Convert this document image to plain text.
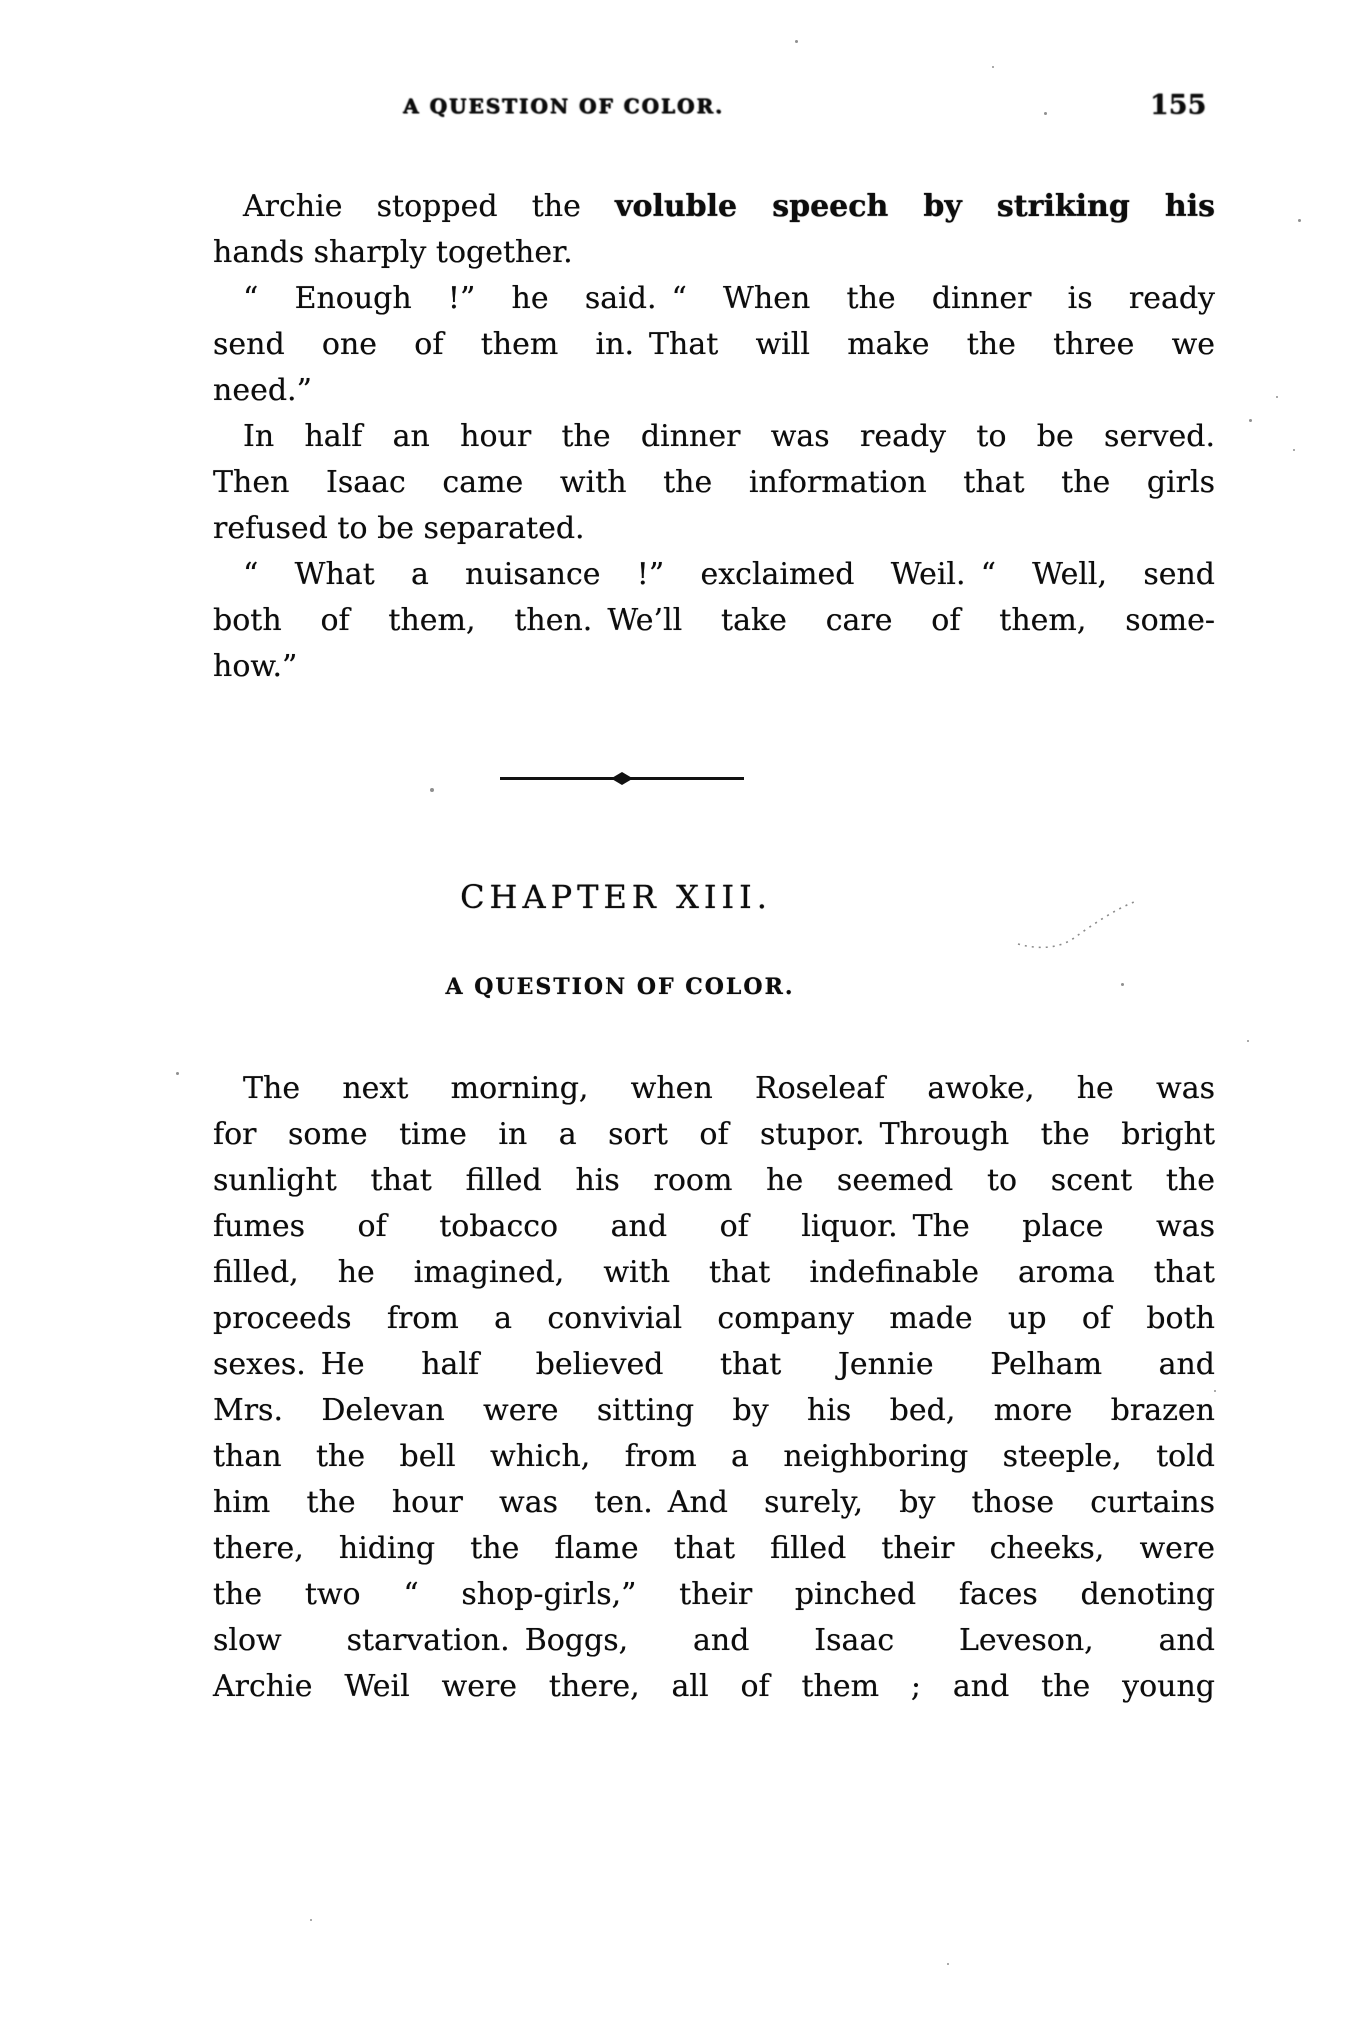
A QUESTION OF COLOR.	155
Archie stopped the voluble speech by striking his
hands sharply together.
“ Enough !” he said. “ When the dinner is ready
send one of them in. That will make the three we
need.”
In half an hour the dinner was ready to be served.
Then Isaac came with the information that the girls
refused to be separated.
“ What a nuisance !” exclaimed Weil. “ Well, send
both of them, then. We’ll take care of them, some-
how.”
CHAPTER XIII.
A QUESTION OF COLOR.
The next morning, when Roseleaf awoke, he was
for some time in a sort of stupor. Through the bright
sunlight that filled his room he seemed to scent the
fumes of tobacco and of liquor. The place was
filled, he imagined, with that indefinable aroma that
proceeds from a convivial company made up of both
sexes. He half believed that Jennie Pelham and
Mrs. Delevan were sitting by his bed, more brazen
than the bell which, from a neighboring steeple, told
him the hour was ten. And surely, by those curtains
there, hiding the flame that filled their cheeks, were
the two “ shop-girls,” their pinched faces denoting
slow starvation. Boggs, and Isaac Leveson, and
Archie Weil were there, all of them ; and the young
